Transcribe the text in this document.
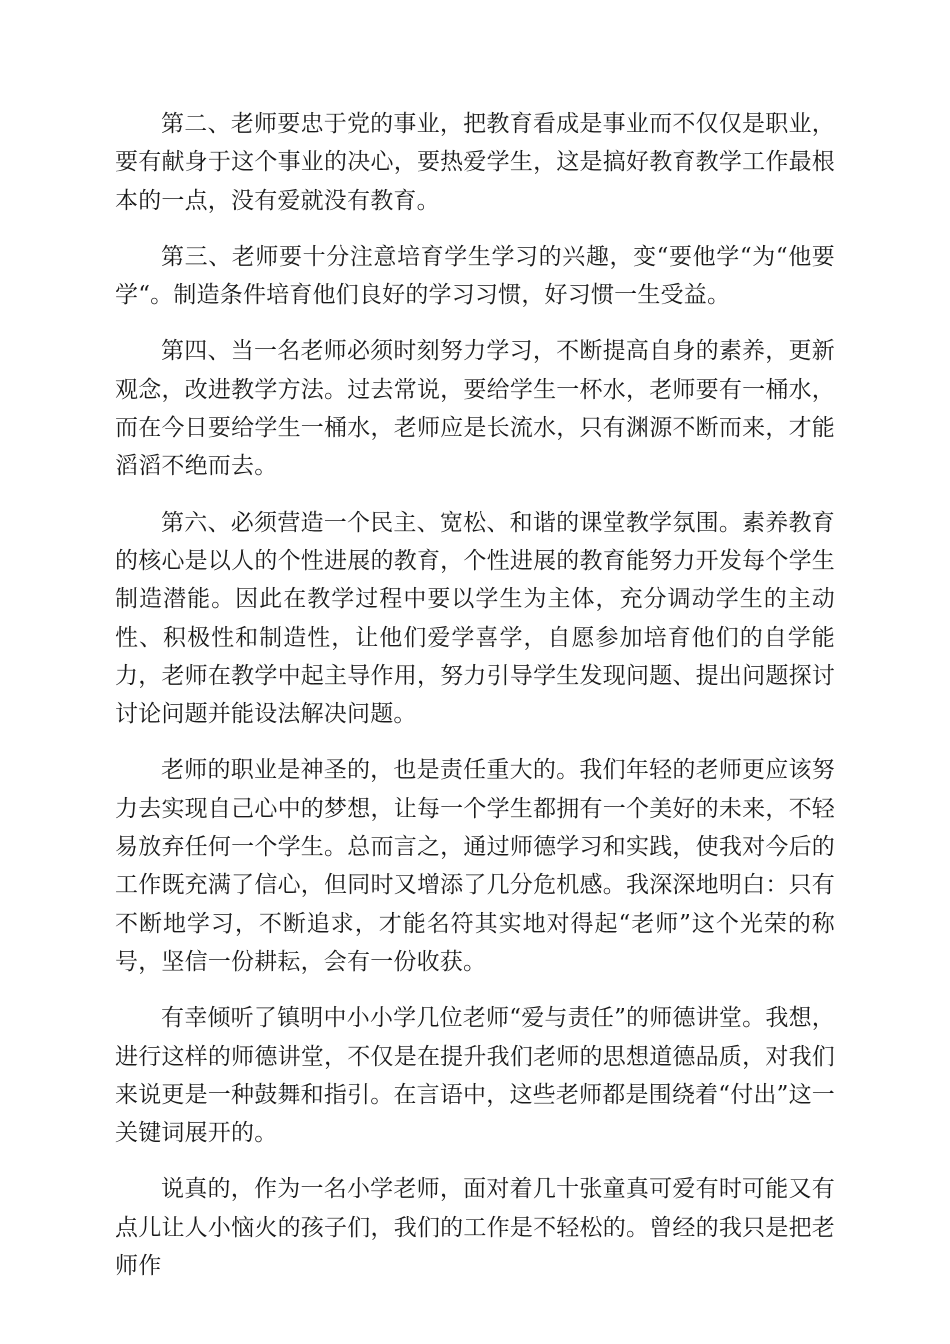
第二、老师要忠于党的事业，把教育看成是事业而不仅仅是职业，要有献身于这个事业的决心，要热爱学生，这是搞好教育教学工作最根本的一点，没有爱就没有教育。

第三、老师要十分注意培育学生学习的兴趣，变“要他学“为“他要学“。制造条件培育他们良好的学习习惯，好习惯一生受益。

第四、当一名老师必须时刻努力学习，不断提高自身的素养，更新观念，改进教学方法。过去常说，要给学生一杯水，老师要有一桶水，而在今日要给学生一桶水，老师应是长流水，只有渊源不断而来，才能滔滔不绝而去。

第六、必须营造一个民主、宽松、和谐的课堂教学氛围。素养教育的核心是以人的个性进展的教育，个性进展的教育能努力开发每个学生制造潜能。因此在教学过程中要以学生为主体，充分调动学生的主动性、积极性和制造性，让他们爱学喜学，自愿参加培育他们的自学能力，老师在教学中起主导作用，努力引导学生发现问题、提出问题探讨讨论问题并能设法解决问题。

老师的职业是神圣的，也是责任重大的。我们年轻的老师更应该努力去实现自己心中的梦想，让每一个学生都拥有一个美好的未来，不轻易放弃任何一个学生。总而言之，通过师德学习和实践，使我对今后的工作既充满了信心，但同时又增添了几分危机感。我深深地明白：只有不断地学习，不断追求，才能名符其实地对得起“老师”这个光荣的称号，坚信一份耕耘，会有一份收获。

有幸倾听了镇明中小小学几位老师“爱与责任”的师德讲堂。我想，进行这样的师德讲堂，不仅是在提升我们老师的思想道德品质，对我们来说更是一种鼓舞和指引。在言语中，这些老师都是围绕着“付出”这一关键词展开的。

说真的，作为一名小学老师，面对着几十张童真可爱有时可能又有点儿让人小恼火的孩子们，我们的工作是不轻松的。曾经的我只是把老师作
